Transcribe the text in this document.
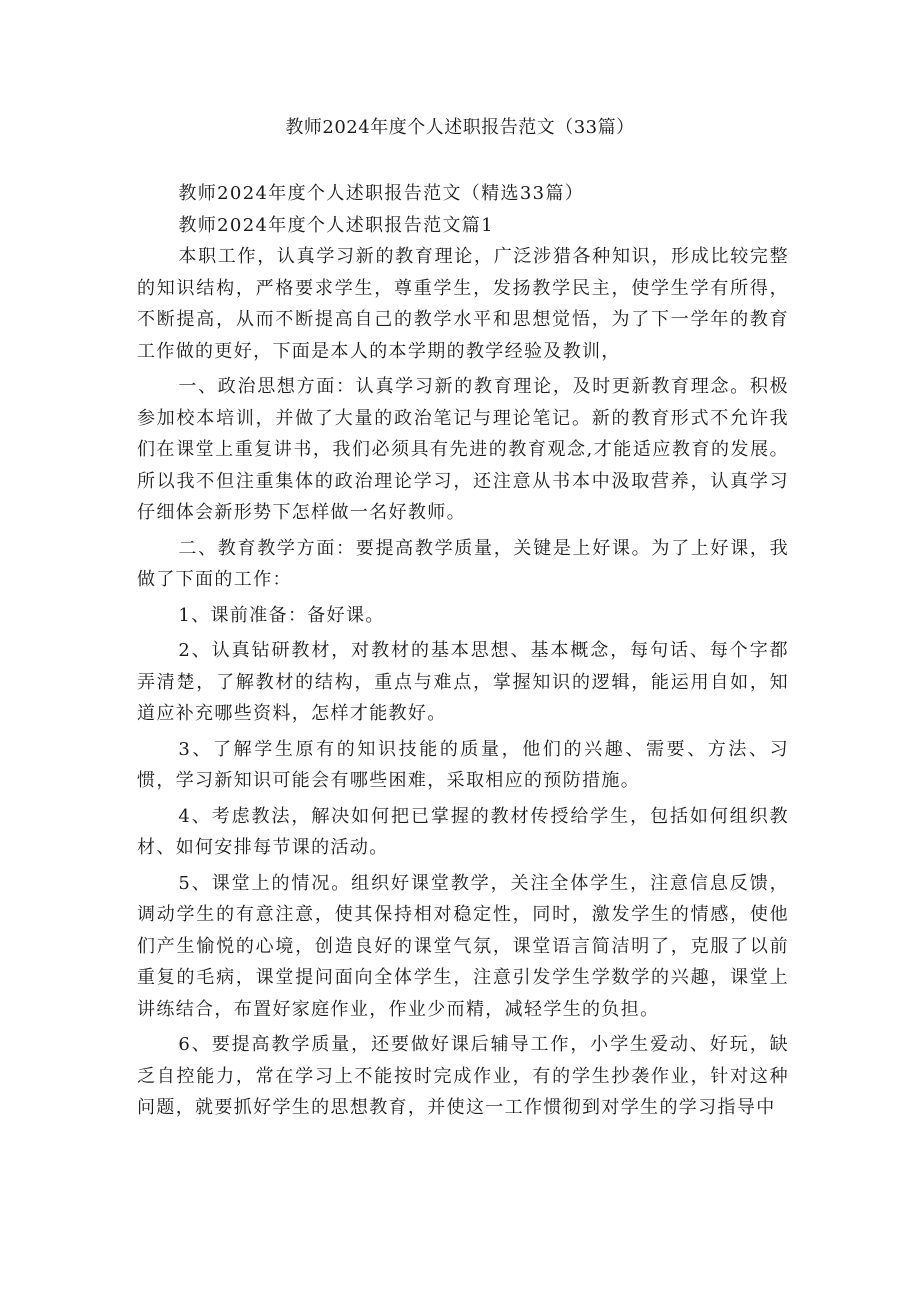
教师2024年度个人述职报告范文（33篇）

教师2024年度个人述职报告范文（精选33篇）

教师2024年度个人述职报告范文篇1

本职工作，认真学习新的教育理论，广泛涉猎各种知识，形成比较完整的知识结构，严格要求学生，尊重学生，发扬教学民主，使学生学有所得，不断提高，从而不断提高自己的教学水平和思想觉悟，为了下一学年的教育工作做的更好，下面是本人的本学期的教学经验及教训，

一、政治思想方面：认真学习新的教育理论，及时更新教育理念。积极参加校本培训，并做了大量的政治笔记与理论笔记。新的教育形式不允许我们在课堂上重复讲书，我们必须具有先进的教育观念,才能适应教育的发展。所以我不但注重集体的政治理论学习，还注意从书本中汲取营养，认真学习仔细体会新形势下怎样做一名好教师。

二、教育教学方面：要提高教学质量，关键是上好课。为了上好课，我做了下面的工作：

1、课前准备：备好课。

2、认真钻研教材，对教材的基本思想、基本概念，每句话、每个字都弄清楚，了解教材的结构，重点与难点，掌握知识的逻辑，能运用自如，知道应补充哪些资料，怎样才能教好。

3、了解学生原有的知识技能的质量，他们的兴趣、需要、方法、习惯，学习新知识可能会有哪些困难，采取相应的预防措施。

4、考虑教法，解决如何把已掌握的教材传授给学生，包括如何组织教材、如何安排每节课的活动。

5、课堂上的情况。组织好课堂教学，关注全体学生，注意信息反馈，调动学生的有意注意，使其保持相对稳定性，同时，激发学生的情感，使他们产生愉悦的心境，创造良好的课堂气氛，课堂语言简洁明了，克服了以前重复的毛病，课堂提问面向全体学生，注意引发学生学数学的兴趣，课堂上讲练结合，布置好家庭作业，作业少而精，减轻学生的负担。

6、要提高教学质量，还要做好课后辅导工作，小学生爱动、好玩，缺乏自控能力，常在学习上不能按时完成作业，有的学生抄袭作业，针对这种问题，就要抓好学生的思想教育，并使这一工作惯彻到对学生的学习指导中
